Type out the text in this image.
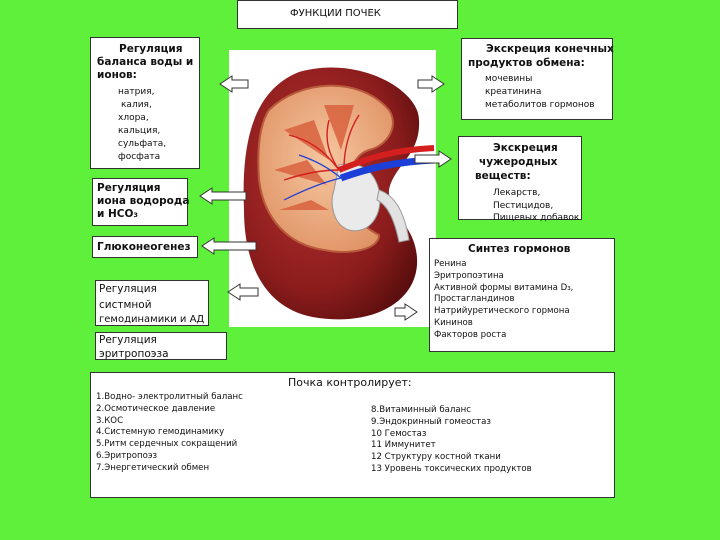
ФУНКЦИИ ПОЧЕК
Регуляция
баланса воды и
ионов:
натрия,
калия,
хлора,
кальция,
сульфата,
фосфата
Регуляция
иона водорода
и HCO₃
Глюконеогенез
Регуляция
систмной
гемодинамики и АД
Регуляция
эритропоэза
Экскреция конечных
продуктов обмена:
мочевины
креатинина
метаболитов гормонов
Экскреция
чужеродных
веществ:
Лекарств,
Пестицидов,
Пищевых добавок
Синтез гормонов
Ренина
Эритропоэтина
Активной формы витамина D₃,
Простагландинов
Натрийуретического гормона
Кининов
Факторов роста
Почка контролирует:
1.Водно- электролитный баланс
2.Осмотическое давление
3.КОС
4.Системную гемодинамику
5.Ритм сердечных сокращений
6.Эритропоэз
7.Энергетический обмен
8.Витаминный баланс
9.Эндокринный гомеостаз
10 Гемостаз
11 Иммунитет
12 Структуру костной ткани
13 Уровень токсических продуктов
